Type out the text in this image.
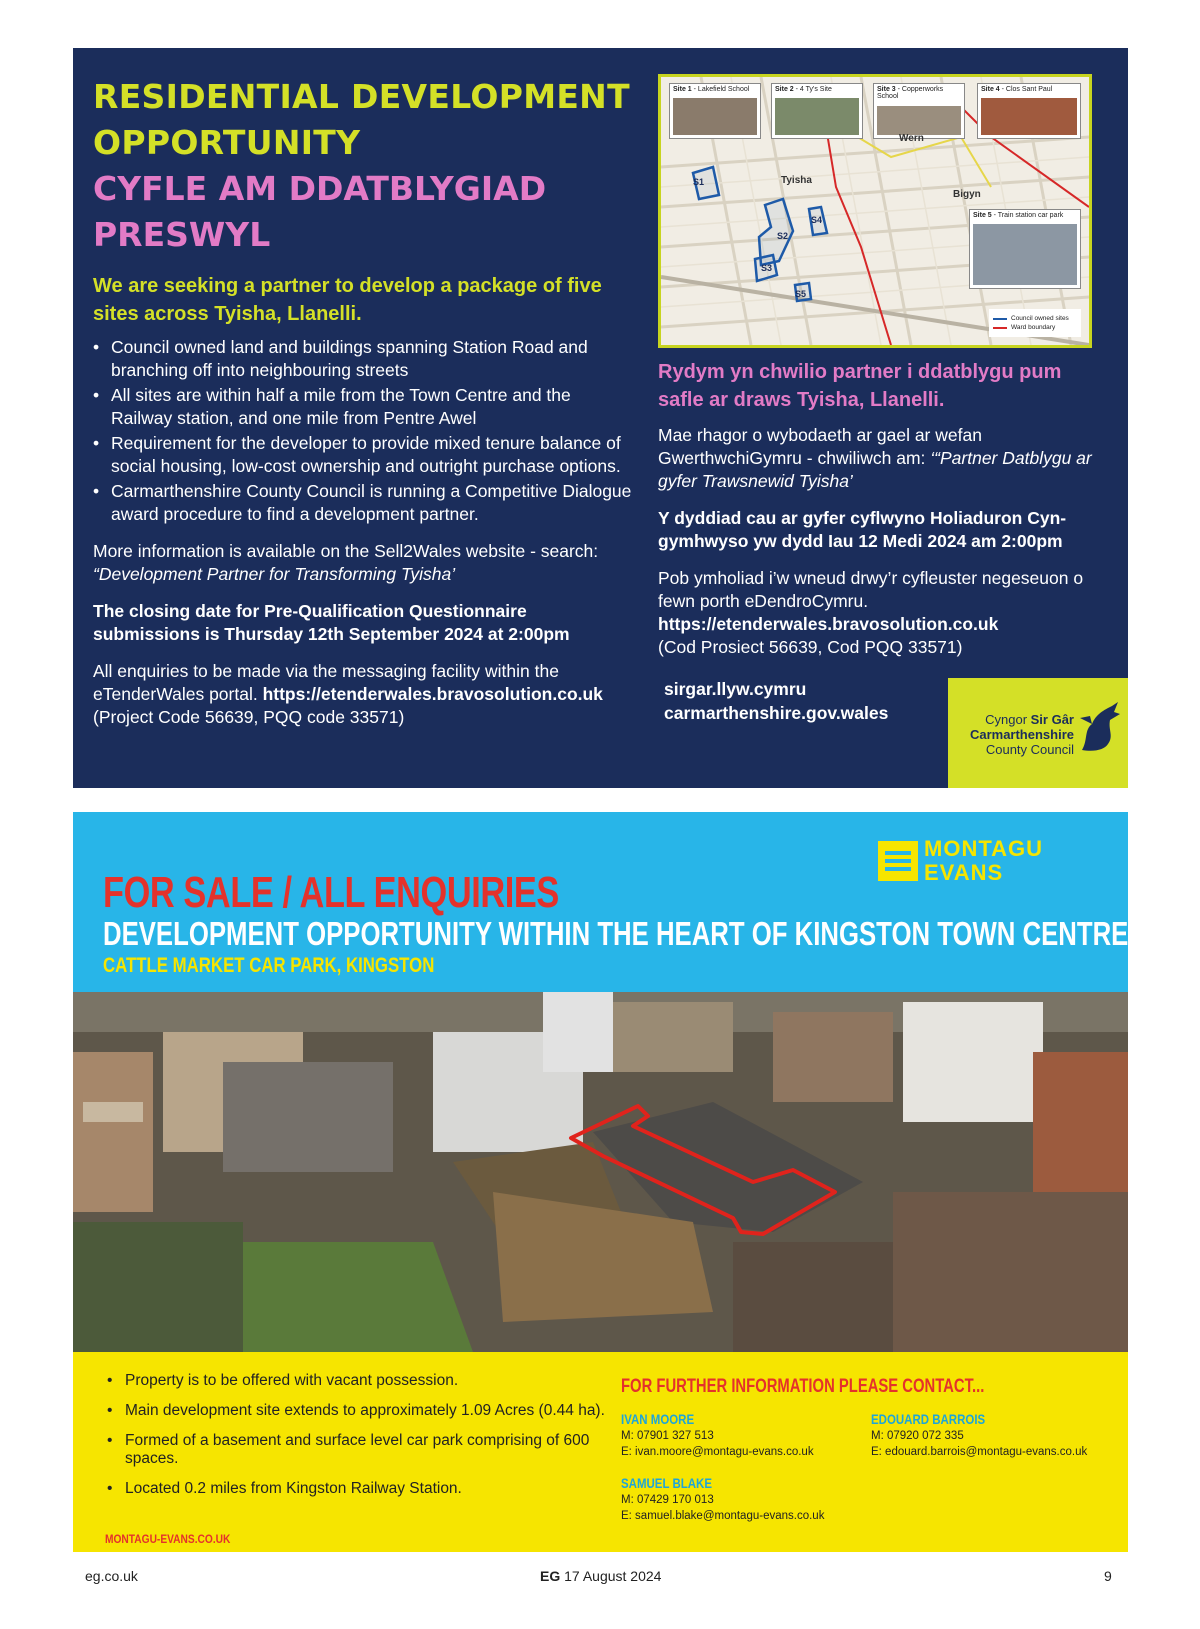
RESIDENTIAL DEVELOPMENT
OPPORTUNITY
CYFLE AM DDATBLYGIAD
PRESWYL
We are seeking a partner to develop a package of five sites across Tyisha, Llanelli.
• Council owned land and buildings spanning Station Road and branching off into neighbouring streets
• All sites are within half a mile from the Town Centre and the Railway station, and one mile from Pentre Awel
• Requirement for the developer to provide mixed tenure balance of social housing, low-cost ownership and outright purchase options.
• Carmarthenshire County Council is running a Competitive Dialogue award procedure to find a development partner.

More information is available on the Sell2Wales website - search: “Development Partner for Transforming Tyisha’

The closing date for Pre-Qualification Questionnaire submissions is Thursday 12th September 2024 at 2:00pm

All enquiries to be made via the messaging facility within the eTenderWales portal. https://etenderwales.bravosolution.co.uk (Project Code 56639, PQQ code 33571)

Site 1 - Lakefield School	Site 2 - 4 Ty's Site	Site 3 - Copperworks School
Site 4 - Clos Sant Paul
Site 5 - Train station car park
S1
S2
S3
S4
S5
Tyisha
Wern
Bigyn
Council owned sites
Ward boundary
Rydym yn chwilio partner i ddatblygu pum safle ar draws Tyisha, Llanelli.

Mae rhagor o wybodaeth ar gael ar wefan GwerthwchiGymru - chwiliwch am: ‘“Partner Datblygu ar gyfer Trawsnewid Tyisha’

Y dyddiad cau ar gyfer cyflwyno Holiaduron Cyn-gymhwyso yw dydd Iau 12 Medi 2024 am 2:00pm

Pob ymholiad i’w wneud drwy’r cyfleuster negeseuon o fewn porth eDendroCymru. https://etenderwales.bravosolution.co.uk
(Cod Prosiect 56639, Cod PQQ 33571)

sirgar.llyw.cymru
carmarthenshire.gov.wales	Cyngor Sir Gâr
Carmarthenshire
County Council
MONTAGU
EVANS
FOR SALE / ALL ENQUIRIES
DEVELOPMENT OPPORTUNITY WITHIN THE HEART OF KINGSTON TOWN CENTRE
CATTLE MARKET CAR PARK, KINGSTON
• Property is to be offered with vacant possession.
• Main development site extends to approximately 1.09 Acres (0.44 ha).
• Formed of a basement and surface level car park comprising of 600 spaces.
• Located 0.2 miles from Kingston Railway Station.
MONTAGU-EVANS.CO.UK
FOR FURTHER INFORMATION PLEASE CONTACT...
IVAN MOORE
M: 07901 327 513
E: ivan.moore@montagu-evans.co.uk
EDOUARD BARROIS
M: 07920 072 335
E: edouard.barrois@montagu-evans.co.uk
SAMUEL BLAKE
M: 07429 170 013
E: samuel.blake@montagu-evans.co.uk
eg.co.uk	EG 17 August 2024	9
